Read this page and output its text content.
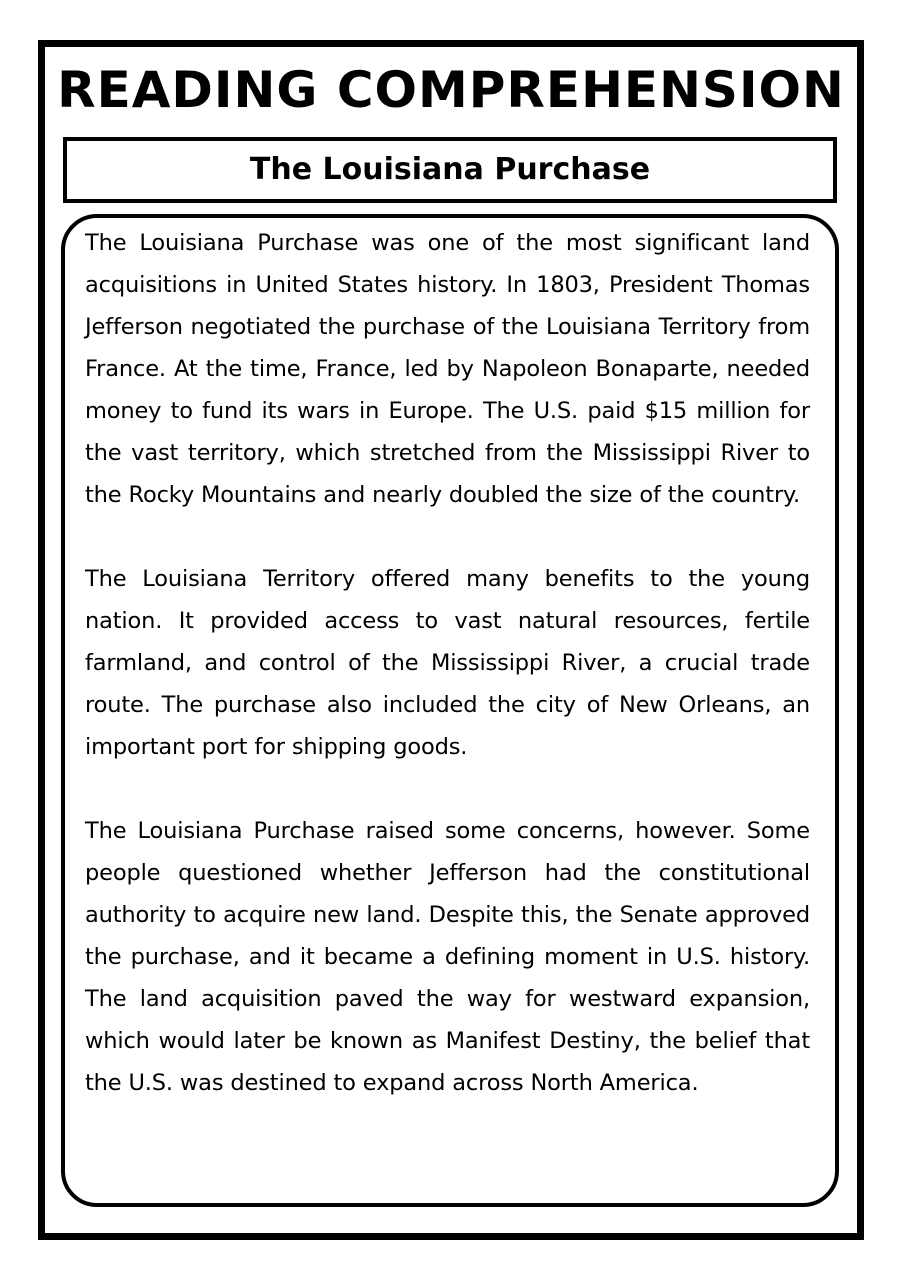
READING COMPREHENSION
The Louisiana Purchase

The Louisiana Purchase was one of the most significant land acquisitions in United States history. In 1803, President Thomas Jefferson negotiated the purchase of the Louisiana Territory from France. At the time, France, led by Napoleon Bonaparte, needed money to fund its wars in Europe. The U.S. paid $15 million for the vast territory, which stretched from the Mississippi River to the Rocky Mountains and nearly doubled the size of the country.

The Louisiana Territory offered many benefits to the young nation. It provided access to vast natural resources, fertile farmland, and control of the Mississippi River, a crucial trade route. The purchase also included the city of New Orleans, an important port for shipping goods.

The Louisiana Purchase raised some concerns, however. Some people questioned whether Jefferson had the constitutional authority to acquire new land. Despite this, the Senate approved the purchase, and it became a defining moment in U.S. history. The land acquisition paved the way for westward expansion, which would later be known as Manifest Destiny, the belief that the U.S. was destined to expand across North America.
